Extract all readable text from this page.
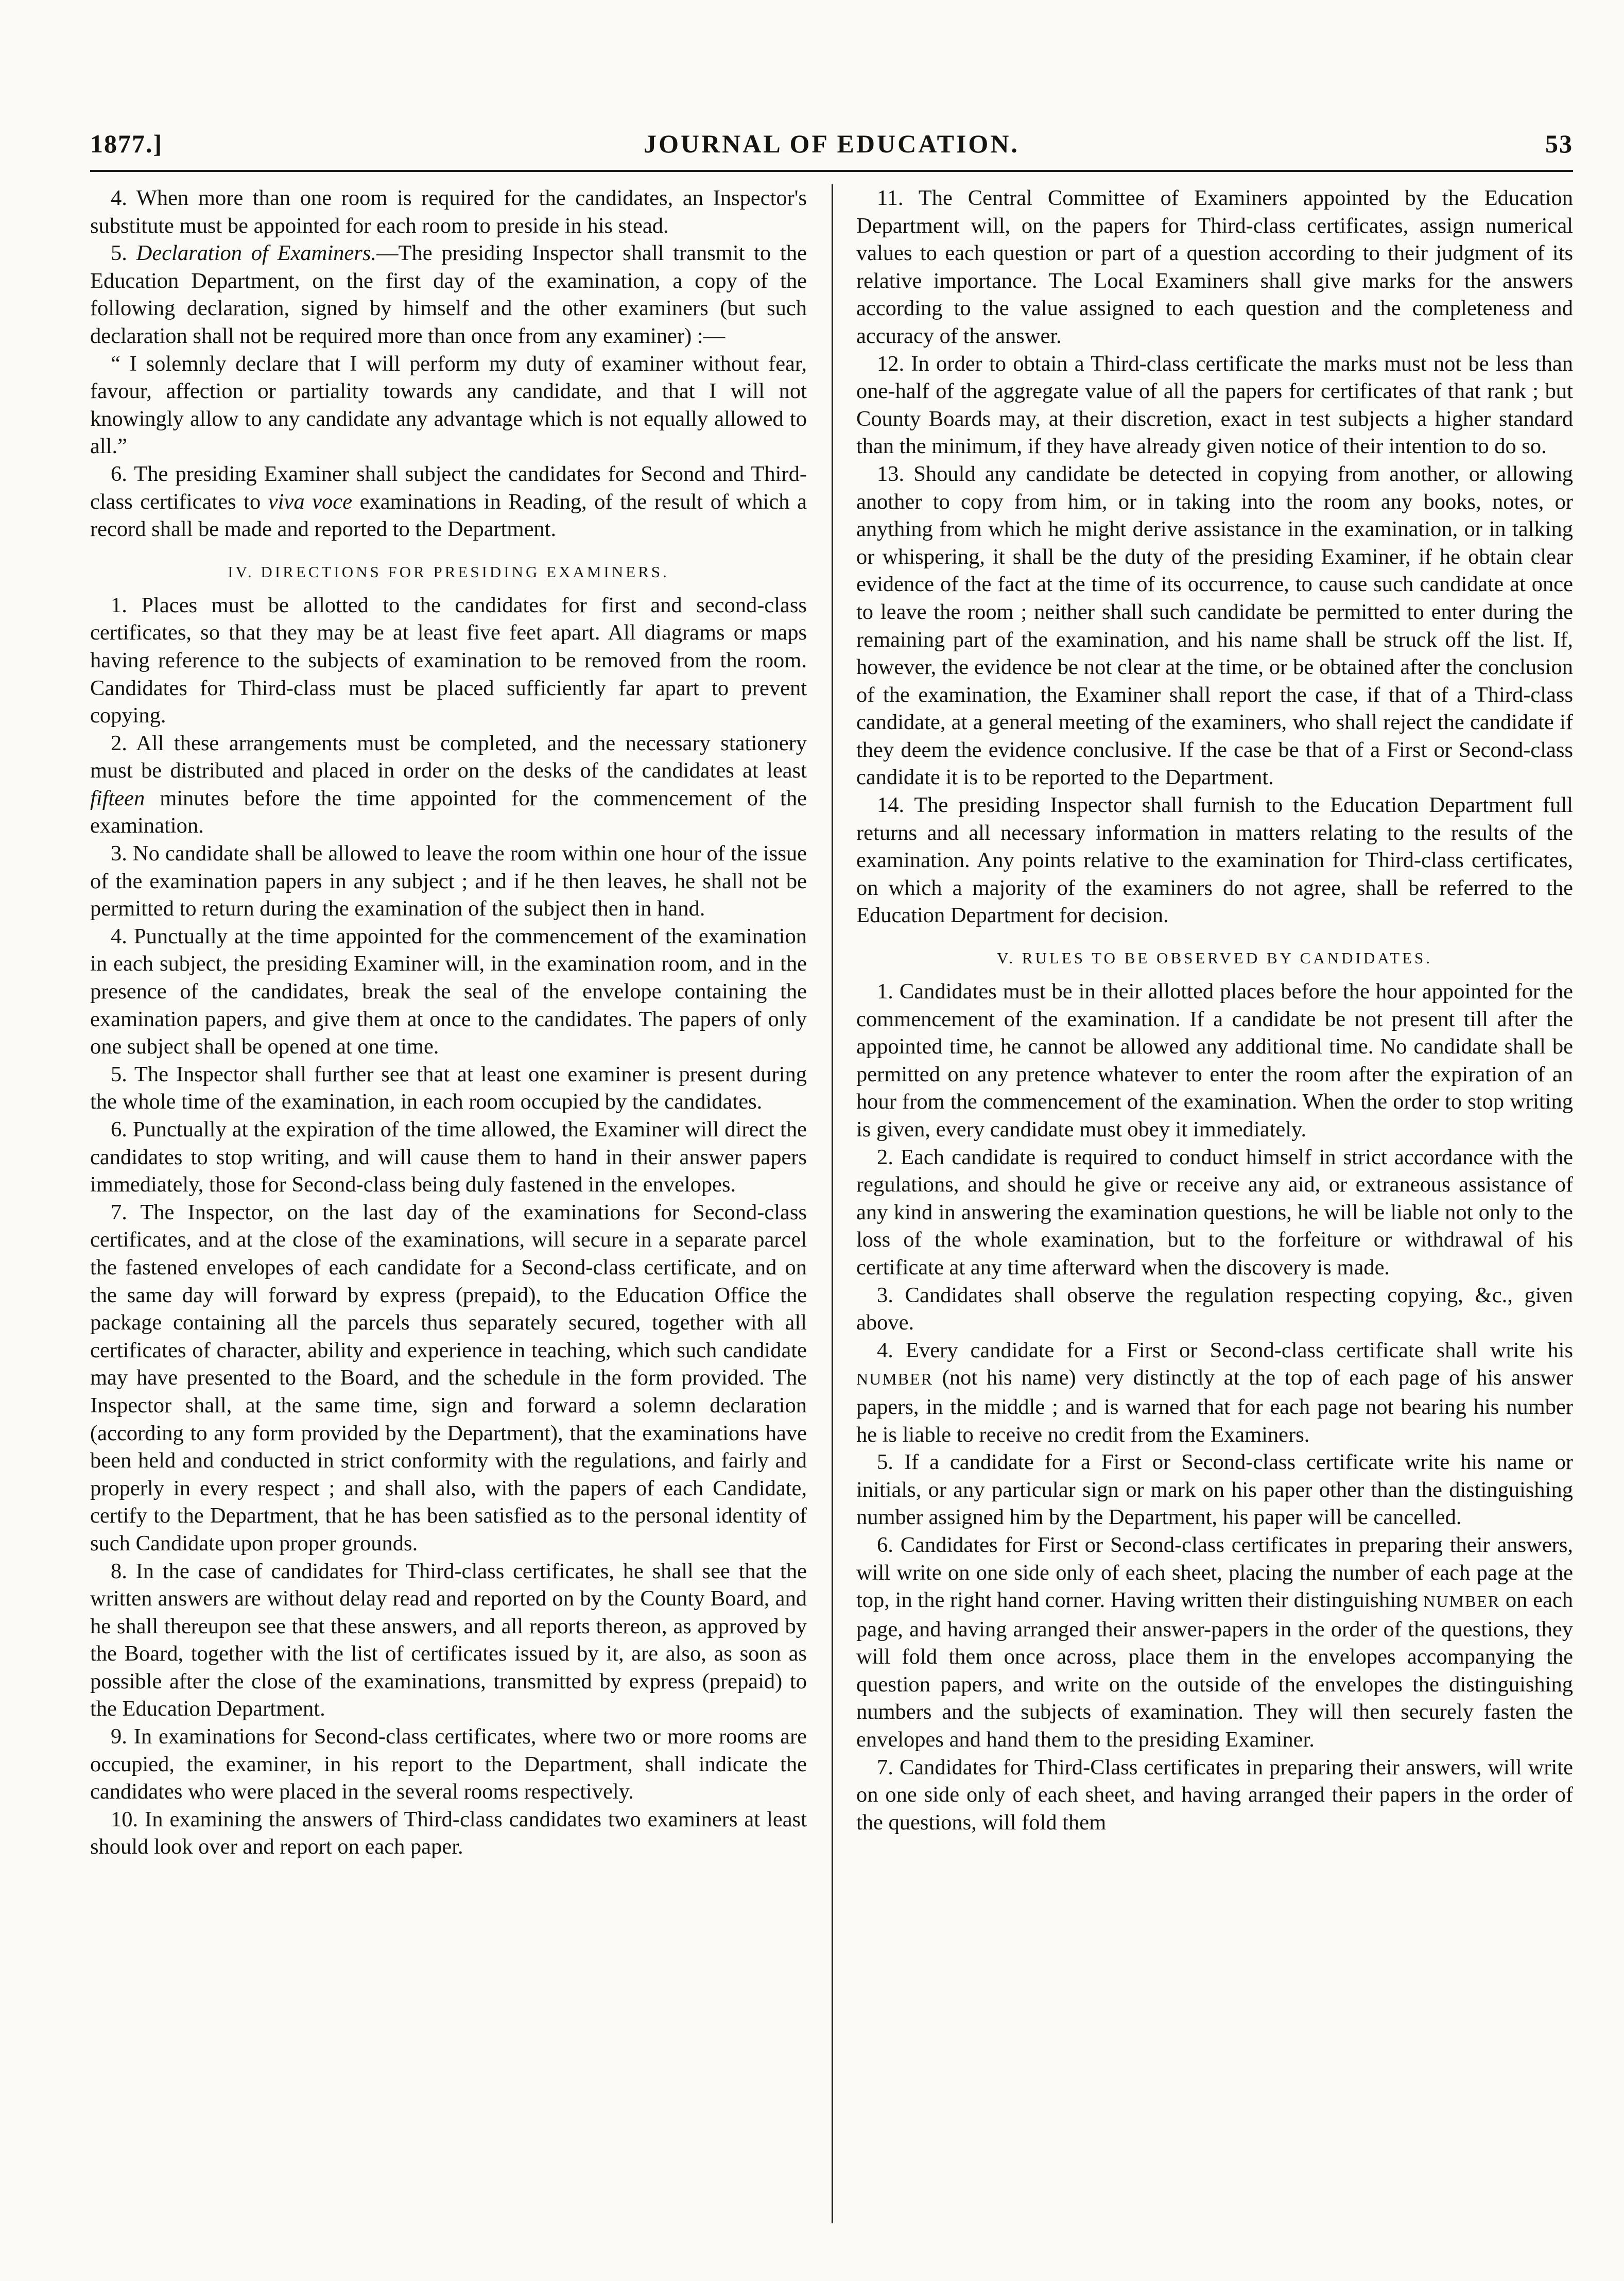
1877.]	JOURNAL OF EDUCATION.	53

4. When more than one room is required for the candidates, an Inspector's substitute must be appointed for each room to preside in his stead.

5. Declaration of Examiners.—The presiding Inspector shall transmit to the Education Department, on the first day of the examination, a copy of the following declaration, signed by himself and the other examiners (but such declaration shall not be required more than once from any examiner) :—

“ I solemnly declare that I will perform my duty of examiner without fear, favour, affection or partiality towards any candidate, and that I will not knowingly allow to any candidate any advantage which is not equally allowed to all.”

6. The presiding Examiner shall subject the candidates for Second and Third-class certificates to viva voce examinations in Reading, of the result of which a record shall be made and reported to the Department.

IV. DIRECTIONS FOR PRESIDING EXAMINERS.

1. Places must be allotted to the candidates for first and second-class certificates, so that they may be at least five feet apart. All diagrams or maps having reference to the subjects of examination to be removed from the room. Candidates for Third-class must be placed sufficiently far apart to prevent copying.

2. All these arrangements must be completed, and the necessary stationery must be distributed and placed in order on the desks of the candidates at least fifteen minutes before the time appointed for the commencement of the examination.

3. No candidate shall be allowed to leave the room within one hour of the issue of the examination papers in any subject ; and if he then leaves, he shall not be permitted to return during the examination of the subject then in hand.

4. Punctually at the time appointed for the commencement of the examination in each subject, the presiding Examiner will, in the examination room, and in the presence of the candidates, break the seal of the envelope containing the examination papers, and give them at once to the candidates. The papers of only one subject shall be opened at one time.

5. The Inspector shall further see that at least one examiner is present during the whole time of the examination, in each room occupied by the candidates.

6. Punctually at the expiration of the time allowed, the Examiner will direct the candidates to stop writing, and will cause them to hand in their answer papers immediately, those for Second-class being duly fastened in the envelopes.

7. The Inspector, on the last day of the examinations for Second-class certificates, and at the close of the examinations, will secure in a separate parcel the fastened envelopes of each candidate for a Second-class certificate, and on the same day will forward by express (prepaid), to the Education Office the package containing all the parcels thus separately secured, together with all certificates of character, ability and experience in teaching, which such candidate may have presented to the Board, and the schedule in the form provided. The Inspector shall, at the same time, sign and forward a solemn declaration (according to any form provided by the Department), that the examinations have been held and conducted in strict conformity with the regulations, and fairly and properly in every respect ; and shall also, with the papers of each Candidate, certify to the Department, that he has been satisfied as to the personal identity of such Candidate upon proper grounds.

8. In the case of candidates for Third-class certificates, he shall see that the written answers are without delay read and reported on by the County Board, and he shall thereupon see that these answers, and all reports thereon, as approved by the Board, together with the list of certificates issued by it, are also, as soon as possible after the close of the examinations, transmitted by express (prepaid) to the Education Department.

9. In examinations for Second-class certificates, where two or more rooms are occupied, the examiner, in his report to the Department, shall indicate the candidates who were placed in the several rooms respectively.

10. In examining the answers of Third-class candidates two examiners at least should look over and report on each paper.

11. The Central Committee of Examiners appointed by the Education Department will, on the papers for Third-class certificates, assign numerical values to each question or part of a question according to their judgment of its relative importance. The Local Examiners shall give marks for the answers according to the value assigned to each question and the completeness and accuracy of the answer.

12. In order to obtain a Third-class certificate the marks must not be less than one-half of the aggregate value of all the papers for certificates of that rank ; but County Boards may, at their discretion, exact in test subjects a higher standard than the minimum, if they have already given notice of their intention to do so.

13. Should any candidate be detected in copying from another, or allowing another to copy from him, or in taking into the room any books, notes, or anything from which he might derive assistance in the examination, or in talking or whispering, it shall be the duty of the presiding Examiner, if he obtain clear evidence of the fact at the time of its occurrence, to cause such candidate at once to leave the room ; neither shall such candidate be permitted to enter during the remaining part of the examination, and his name shall be struck off the list. If, however, the evidence be not clear at the time, or be obtained after the conclusion of the examination, the Examiner shall report the case, if that of a Third-class candidate, at a general meeting of the examiners, who shall reject the candidate if they deem the evidence conclusive. If the case be that of a First or Second-class candidate it is to be reported to the Department.

14. The presiding Inspector shall furnish to the Education Department full returns and all necessary information in matters relating to the results of the examination. Any points relative to the examination for Third-class certificates, on which a majority of the examiners do not agree, shall be referred to the Education Department for decision.

V. RULES TO BE OBSERVED BY CANDIDATES.

1. Candidates must be in their allotted places before the hour appointed for the commencement of the examination. If a candidate be not present till after the appointed time, he cannot be allowed any additional time. No candidate shall be permitted on any pretence whatever to enter the room after the expiration of an hour from the commencement of the examination. When the order to stop writing is given, every candidate must obey it immediately.

2. Each candidate is required to conduct himself in strict accordance with the regulations, and should he give or receive any aid, or extraneous assistance of any kind in answering the examination questions, he will be liable not only to the loss of the whole examination, but to the forfeiture or withdrawal of his certificate at any time afterward when the discovery is made.

3. Candidates shall observe the regulation respecting copying, &c., given above.

4. Every candidate for a First or Second-class certificate shall write his NUMBER (not his name) very distinctly at the top of each page of his answer papers, in the middle ; and is warned that for each page not bearing his number he is liable to receive no credit from the Examiners.

5. If a candidate for a First or Second-class certificate write his name or initials, or any particular sign or mark on his paper other than the distinguishing number assigned him by the Department, his paper will be cancelled.

6. Candidates for First or Second-class certificates in preparing their answers, will write on one side only of each sheet, placing the number of each page at the top, in the right hand corner. Having written their distinguishing NUMBER on each page, and having arranged their answer-papers in the order of the questions, they will fold them once across, place them in the envelopes accompanying the question papers, and write on the outside of the envelopes the distinguishing numbers and the subjects of examination. They will then securely fasten the envelopes and hand them to the presiding Examiner.

7. Candidates for Third-Class certificates in preparing their answers, will write on one side only of each sheet, and having arranged their papers in the order of the questions, will fold them
